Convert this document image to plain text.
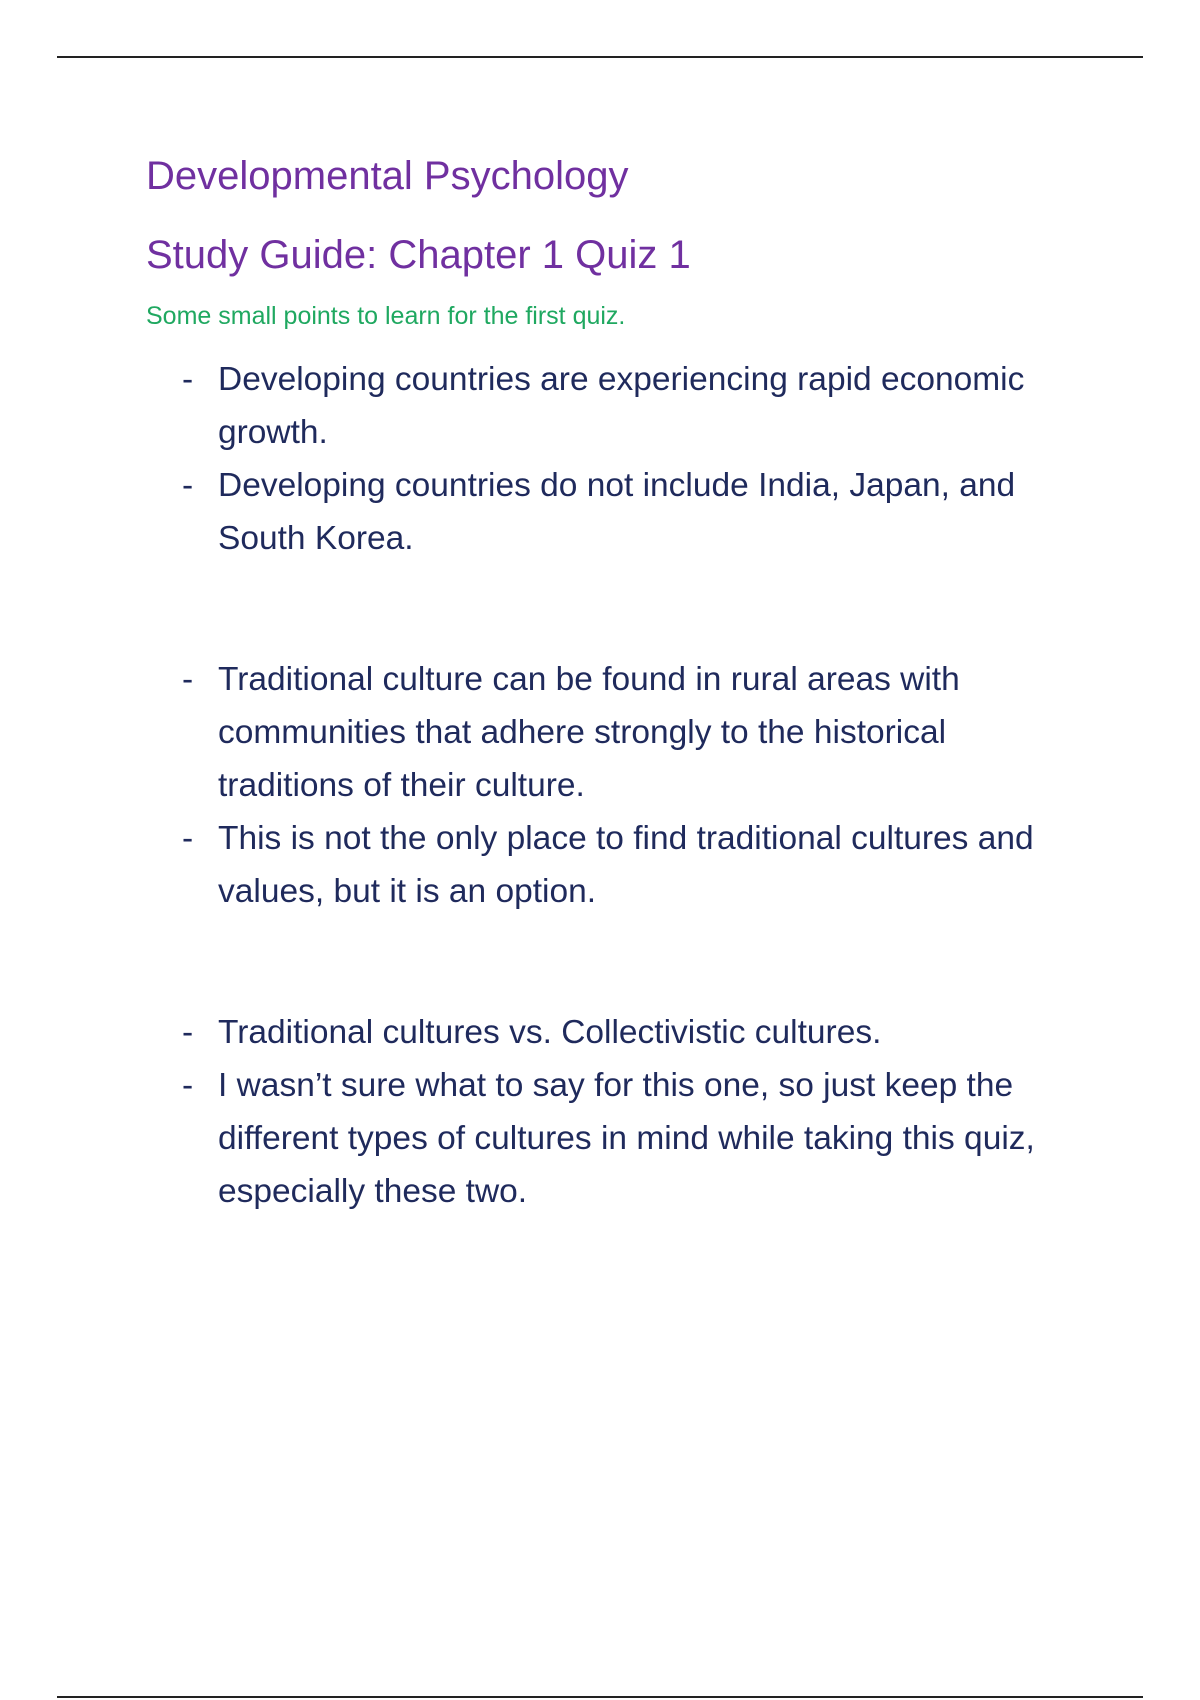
Developmental Psychology
Study Guide: Chapter 1 Quiz 1

Some small points to learn for the first quiz.

- Developing countries are experiencing rapid economic growth.
- Developing countries do not include India, Japan, and South Korea.
- Traditional culture can be found in rural areas with communities that adhere strongly to the historical traditions of their culture.
- This is not the only place to find traditional cultures and values, but it is an option.
- Traditional cultures vs. Collectivistic cultures.
- I wasn’t sure what to say for this one, so just keep the different types of cultures in mind while taking this quiz, especially these two.
